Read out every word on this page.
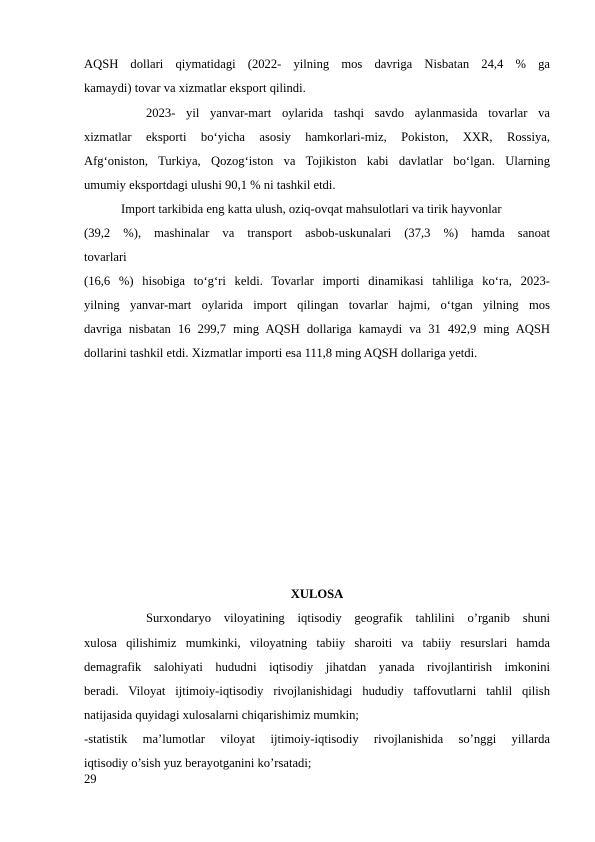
AQSH dollari qiymatidagi (2022- yilning mos davriga Nisbatan 24,4 % ga
kamaydi) tovar va xizmatlar eksport qilindi.
2023- yil yanvar-mart oylarida tashqi savdo aylanmasida tovarlar va
xizmatlar eksporti bo‘yicha asosiy hamkorlari-miz, Pokiston, XXR, Rossiya,
Afg‘oniston, Turkiya, Qozog‘iston va Tojikiston kabi davlatlar bo‘lgan. Ularning
umumiy eksportdagi ulushi 90,1 % ni tashkil etdi.
Import tarkibida eng katta ulush, oziq-ovqat mahsulotlari va tirik hayvonlar
(39,2 %), mashinalar va transport asbob-uskunalari (37,3 %) hamda sanoat
tovarlari
(16,6 %) hisobiga to‘g‘ri keldi. Tovarlar importi dinamikasi tahliliga ko‘ra, 2023-
yilning yanvar-mart oylarida import qilingan tovarlar hajmi, o‘tgan yilning mos
davriga nisbatan 16 299,7 ming AQSH dollariga kamaydi va 31 492,9 ming AQSH
dollarini tashkil etdi. Xizmatlar importi esa 111,8 ming AQSH dollariga yetdi.
XULOSA
Surxondaryo viloyatining iqtisodiy geografik tahlilini o’rganib shuni
xulosa qilishimiz mumkinki, viloyatning tabiiy sharoiti va tabiiy resurslari hamda
demagrafik salohiyati hududni iqtisodiy jihatdan yanada rivojlantirish imkonini
beradi. Viloyat ijtimoiy-iqtisodiy rivojlanishidagi hududiy taffovutlarni tahlil qilish
natijasida quyidagi xulosalarni chiqarishimiz mumkin;
-statistik ma’lumotlar viloyat ijtimoiy-iqtisodiy rivojlanishida so’nggi yillarda
iqtisodiy o’sish yuz berayotganini ko’rsatadi;
29
